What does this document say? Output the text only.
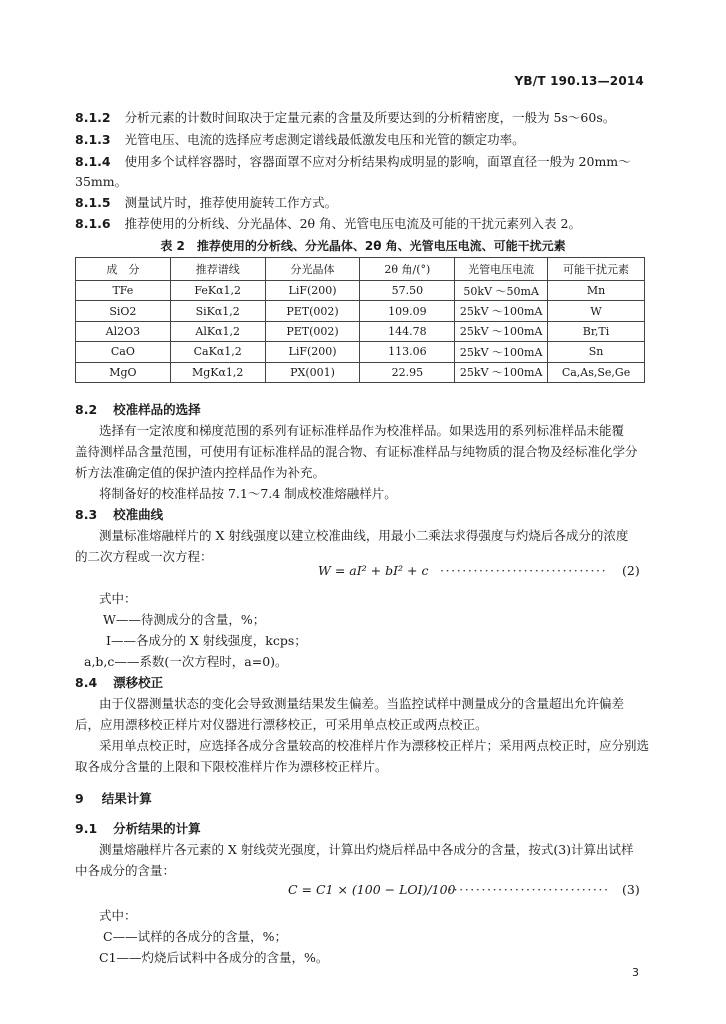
YB/T 190.13—2014
8.1.2 分析元素的计数时间取决于定量元素的含量及所要达到的分析精密度，一般为 5s～60s。
8.1.3 光管电压、电流的选择应考虑测定谱线最低激发电压和光管的额定功率。
8.1.4 使用多个试样容器时，容器面罩不应对分析结果构成明显的影响，面罩直径一般为 20mm～
35mm。
8.1.5 测量试片时，推荐使用旋转工作方式。
8.1.6 推荐使用的分析线、分光晶体、2θ 角、光管电压电流及可能的干扰元素列入表 2。
表 2　推荐使用的分析线、分光晶体、2θ 角、光管电压电流、可能干扰元素
成　分	推荐谱线	分光晶体	2θ 角/(°)	光管电压电流	可能干扰元素
TFe	FeKα1,2	LiF(200)	57.50	50kV ～50mA	Mn
SiO2	SiKα1,2	PET(002)	109.09	25kV ～100mA	W
Al2O3	AlKα1,2	PET(002)	144.78	25kV ～100mA	Br,Ti
CaO	CaKα1,2	LiF(200)	113.06	25kV ～100mA	Sn
MgO	MgKα1,2	PX(001)	22.95	25kV ～100mA	Ca,As,Se,Ge
8.2 校准样品的选择
选择有一定浓度和梯度范围的系列有证标准样品作为校准样品。如果选用的系列标准样品未能覆
盖待测样品含量范围，可使用有证标准样品的混合物、有证标准样品与纯物质的混合物及经标准化学分
析方法准确定值的保护渣内控样品作为补充。
将制备好的校准样品按 7.1～7.4 制成校准熔融样片。
8.3 校准曲线
测量标准熔融样片的 X 射线强度以建立校准曲线，用最小二乘法求得强度与灼烧后各成分的浓度
的二次方程或一次方程：
W = aI² + bI² + c ······························ (2)
式中：
W——待测成分的含量，%；
I——各成分的 X 射线强度，kcps；
a,b,c——系数(一次方程时，a=0)。
8.4 漂移校正
由于仪器测量状态的变化会导致测量结果发生偏差。当监控试样中测量成分的含量超出允许偏差
后，应用漂移校正样片对仪器进行漂移校正，可采用单点校正或两点校正。
采用单点校正时，应选择各成分含量较高的校准样片作为漂移校正样片；采用两点校正时，应分别选
取各成分含量的上限和下限校准样片作为漂移校正样片。
9 结果计算
9.1 分析结果的计算
测量熔融样片各元素的 X 射线荧光强度，计算出灼烧后样品中各成分的含量，按式(3)计算出试样
中各成分的含量：
C = C1 × (100 − LOI)/100
····························· (3)
式中：
C——试样的各成分的含量，%；
C1——灼烧后试料中各成分的含量，%。
3
